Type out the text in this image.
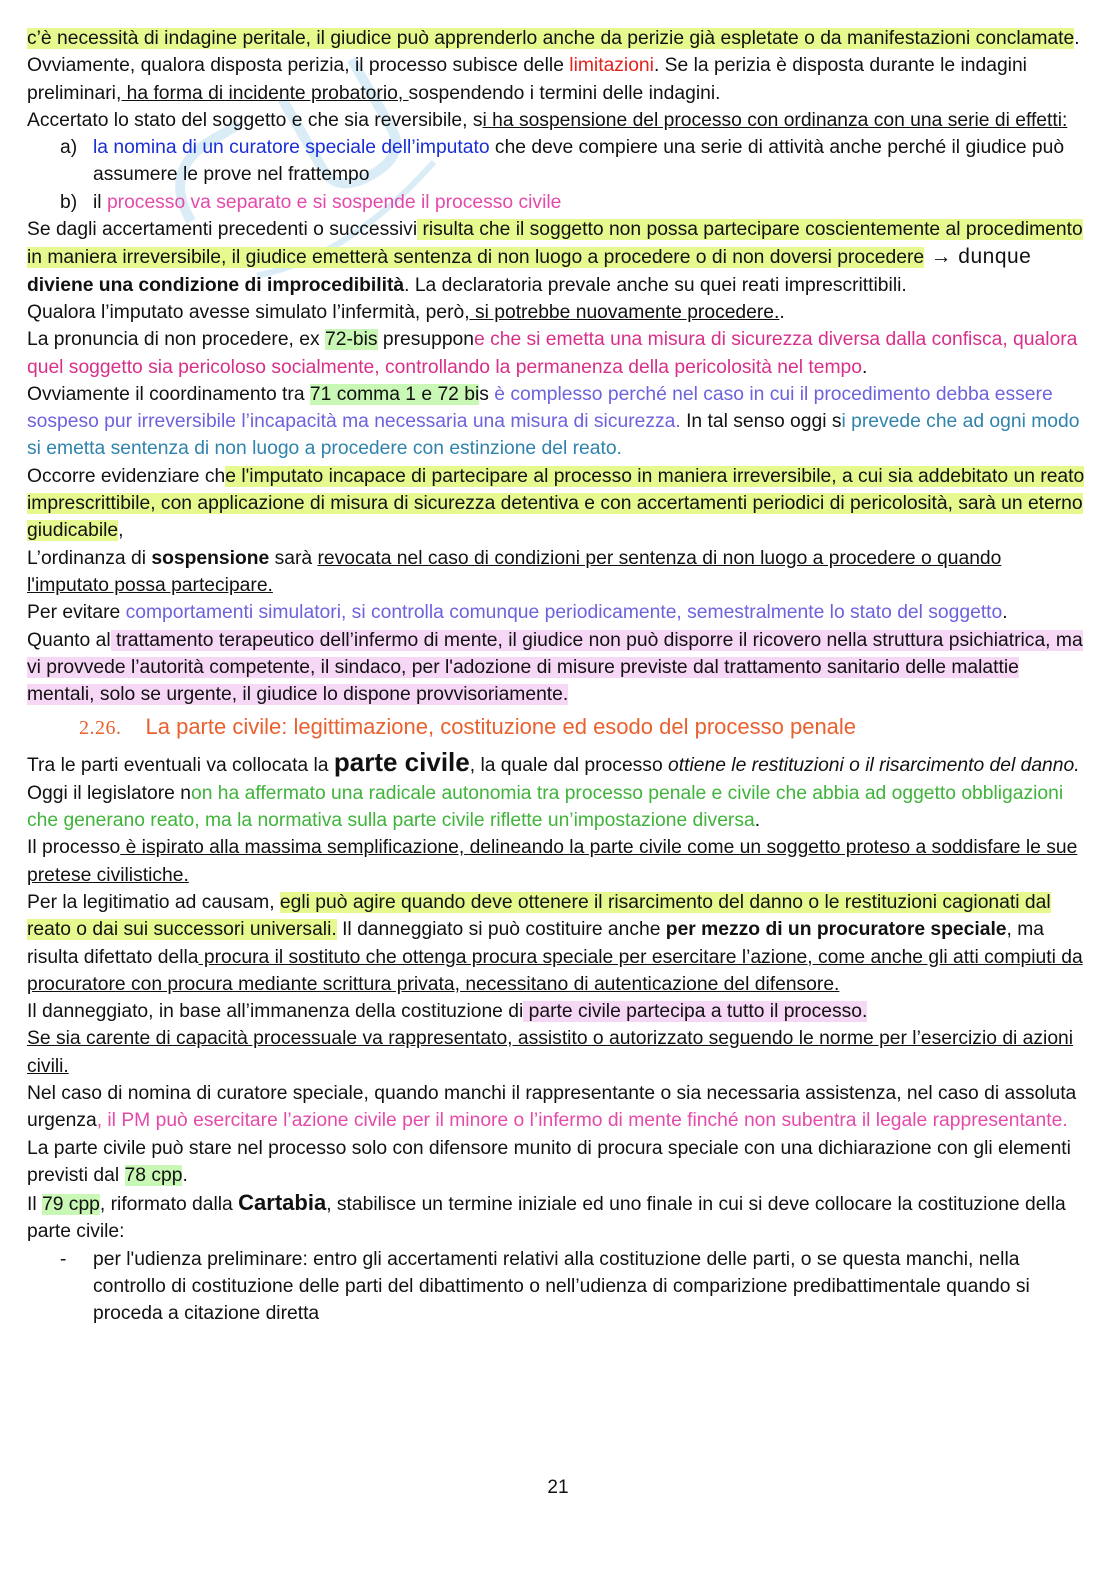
c’è necessità di indagine peritale, il giudice può apprenderlo anche da perizie già espletate o da manifestazioni conclamate.

Ovviamente, qualora disposta perizia, il processo subisce delle limitazioni. Se la perizia è disposta durante le indagini preliminari, ha forma di incidente probatorio, sospendendo i termini delle indagini.

Accertato lo stato del soggetto e che sia reversibile, si ha sospensione del processo con ordinanza con una serie di effetti:

a) la nomina di un curatore speciale dell’imputato che deve compiere una serie di attività anche perché il giudice può assumere le prove nel frattempo

b) il processo va separato e si sospende il processo civile

Se dagli accertamenti precedenti o successivi risulta che il soggetto non possa partecipare coscientemente al procedimento in maniera irreversibile, il giudice emetterà sentenza di non luogo a procedere o di non doversi procedere → dunque diviene una condizione di improcedibilità. La declaratoria prevale anche su quei reati imprescrittibili.

Qualora l’imputato avesse simulato l’infermità, però, si potrebbe nuovamente procedere..

La pronuncia di non procedere, ex 72-bis presuppone che si emetta una misura di sicurezza diversa dalla confisca, qualora quel soggetto sia pericoloso socialmente, controllando la permanenza della pericolosità nel tempo.

Ovviamente il coordinamento tra 71 comma 1 e 72 bis è complesso perché nel caso in cui il procedimento debba essere sospeso pur irreversibile l’incapacità ma necessaria una misura di sicurezza. In tal senso oggi si prevede che ad ogni modo si emetta sentenza di non luogo a procedere con estinzione del reato.

Occorre evidenziare che l'imputato incapace di partecipare al processo in maniera irreversibile, a cui sia addebitato un reato imprescrittibile, con applicazione di misura di sicurezza detentiva e con accertamenti periodici di pericolosità, sarà un eterno giudicabile,

L’ordinanza di sospensione sarà revocata nel caso di condizioni per sentenza di non luogo a procedere o quando l'imputato possa partecipare.

Per evitare comportamenti simulatori, si controlla comunque periodicamente, semestralmente lo stato del soggetto.

Quanto al trattamento terapeutico dell’infermo di mente, il giudice non può disporre il ricovero nella struttura psichiatrica, ma vi provvede l’autorità competente, il sindaco, per l'adozione di misure previste dal trattamento sanitario delle malattie mentali, solo se urgente, il giudice lo dispone provvisoriamente.

2.26. La parte civile: legittimazione, costituzione ed esodo del processo penale

Tra le parti eventuali va collocata la parte civile, la quale dal processo ottiene le restituzioni o il risarcimento del danno.

Oggi il legislatore non ha affermato una radicale autonomia tra processo penale e civile che abbia ad oggetto obbligazioni che generano reato, ma la normativa sulla parte civile riflette un’impostazione diversa.

Il processo è ispirato alla massima semplificazione, delineando la parte civile come un soggetto proteso a soddisfare le sue pretese civilistiche.

Per la legitimatio ad causam, egli può agire quando deve ottenere il risarcimento del danno o le restituzioni cagionati dal reato o dai sui successori universali. Il danneggiato si può costituire anche per mezzo di un procuratore speciale, ma risulta difettato della procura il sostituto che ottenga procura speciale per esercitare l’azione, come anche gli atti compiuti da procuratore con procura mediante scrittura privata, necessitano di autenticazione del difensore.

Il danneggiato, in base all’immanenza della costituzione di parte civile partecipa a tutto il processo.

Se sia carente di capacità processuale va rappresentato, assistito o autorizzato seguendo le norme per l’esercizio di azioni civili.

Nel caso di nomina di curatore speciale, quando manchi il rappresentante o sia necessaria assistenza, nel caso di assoluta urgenza, il PM può esercitare l’azione civile per il minore o l’infermo di mente finché non subentra il legale rappresentante.

La parte civile può stare nel processo solo con difensore munito di procura speciale con una dichiarazione con gli elementi previsti dal 78 cpp.

Il 79 cpp, riformato dalla Cartabia, stabilisce un termine iniziale ed uno finale in cui si deve collocare la costituzione della parte civile:

- per l'udienza preliminare: entro gli accertamenti relativi alla costituzione delle parti, o se questa manchi, nella controllo di costituzione delle parti del dibattimento o nell’udienza di comparizione predibattimentale quando si proceda a citazione diretta

21
